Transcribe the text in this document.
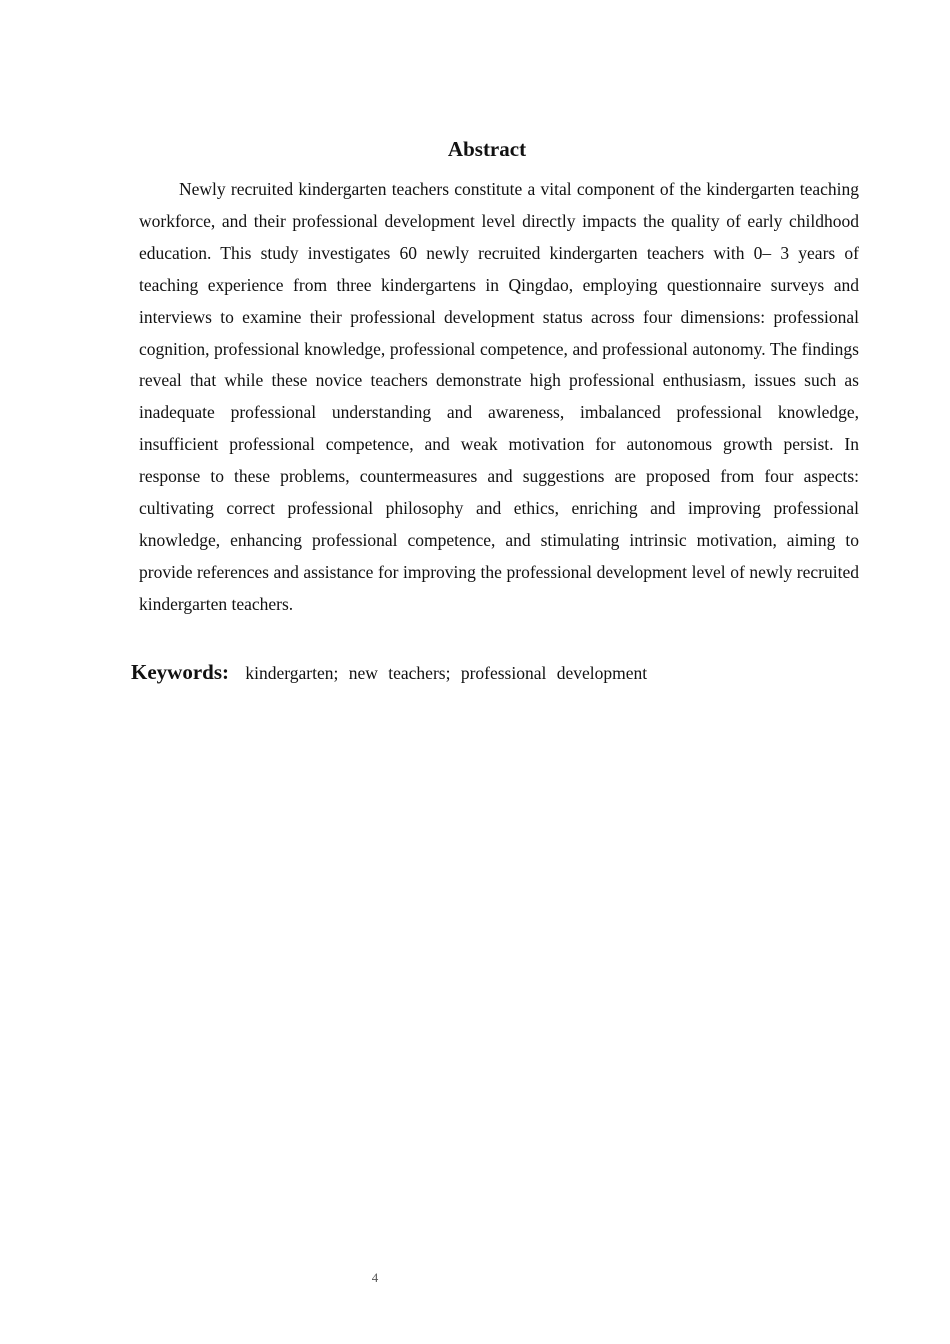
Abstract

Newly recruited kindergarten teachers constitute a vital component of the kindergarten teaching workforce, and their professional development level directly impacts the quality of early childhood education. This study investigates 60 newly recruited kindergarten teachers with 0– 3 years of teaching experience from three kindergartens in Qingdao, employing questionnaire surveys and interviews to examine their professional development status across four dimensions: professional cognition, professional knowledge, professional competence, and professional autonomy. The findings reveal that while these novice teachers demonstrate high professional enthusiasm, issues such as inadequate professional understanding and awareness, imbalanced professional knowledge, insufficient professional competence, and weak motivation for autonomous growth persist. In response to these problems, countermeasures and suggestions are proposed from four aspects: cultivating correct professional philosophy and ethics, enriching and improving professional knowledge, enhancing professional competence, and stimulating intrinsic motivation, aiming to provide references and assistance for improving the professional development level of newly recruited kindergarten teachers.

Keywords: kindergarten; new teachers; professional development
4
